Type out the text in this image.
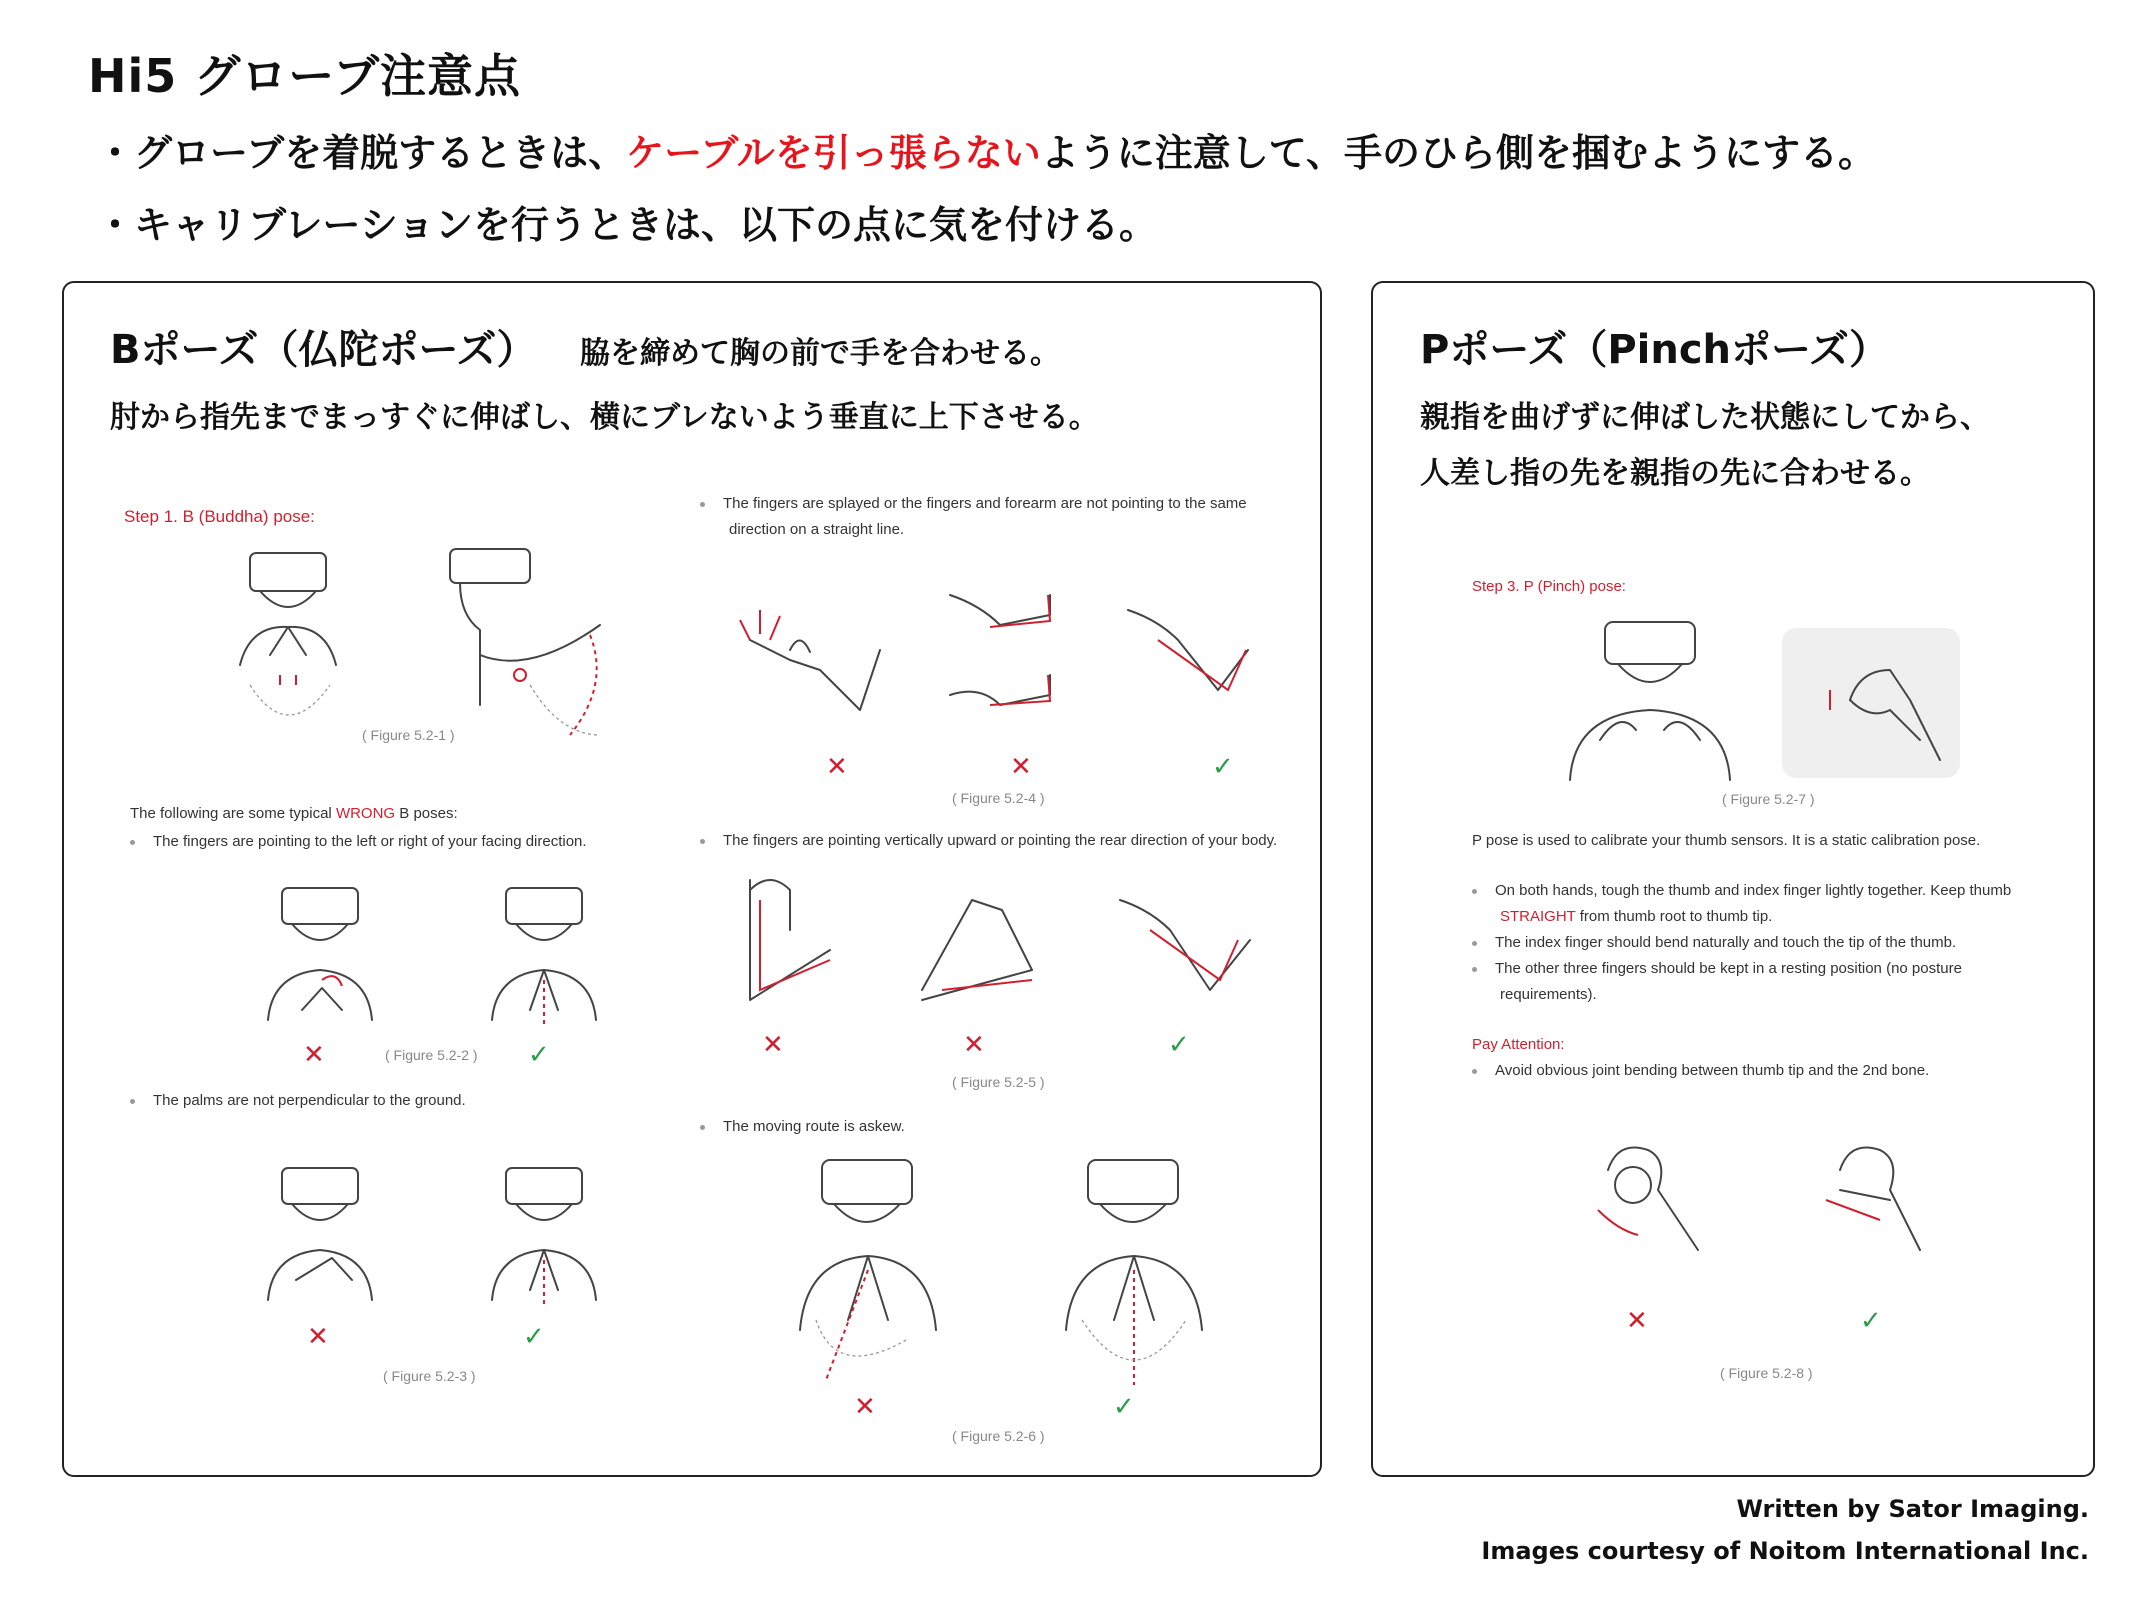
Hi5 グローブ注意点
・グローブを着脱するときは、ケーブルを引っ張らないように注意して、手のひら側を掴むようにする。
・キャリブレーションを行うときは、以下の点に気を付ける。
Bポーズ（仏陀ポーズ） 脇を締めて胸の前で手を合わせる。
肘から指先までまっすぐに伸ばし、横にブレないよう垂直に上下させる。
Step 1. B (Buddha) pose:
( Figure 5.2-1 )
The following are some typical WRONG B poses:
The fingers are pointing to the left or right of your facing direction.
✕	( Figure 5.2-2 ) ✓
The palms are not perpendicular to the ground.
✕	✓
( Figure 5.2-3 )
The fingers are splayed or the fingers and forearm are not pointing to the same
direction on a straight line.
✕	✕	✓
( Figure 5.2-4 )
The fingers are pointing vertically upward or pointing the rear direction of your body.
✕	✕	✓
( Figure 5.2-5 )
The moving route is askew.
✕	✓
( Figure 5.2-6 )
Pポーズ（Pinchポーズ）
親指を曲げずに伸ばした状態にしてから、
人差し指の先を親指の先に合わせる。
Step 3. P (Pinch) pose:
( Figure 5.2-7 )
P pose is used to calibrate your thumb sensors. It is a static calibration pose.
On both hands, tough the thumb and index finger lightly together. Keep thumb
STRAIGHT from thumb root to thumb tip.
The index finger should bend naturally and touch the tip of the thumb.
The other three fingers should be kept in a resting position (no posture
requirements).
Pay Attention:
Avoid obvious joint bending between thumb tip and the 2nd bone.
✕	✓
( Figure 5.2-8 )
Written by Sator Imaging.
Images courtesy of Noitom International Inc.
